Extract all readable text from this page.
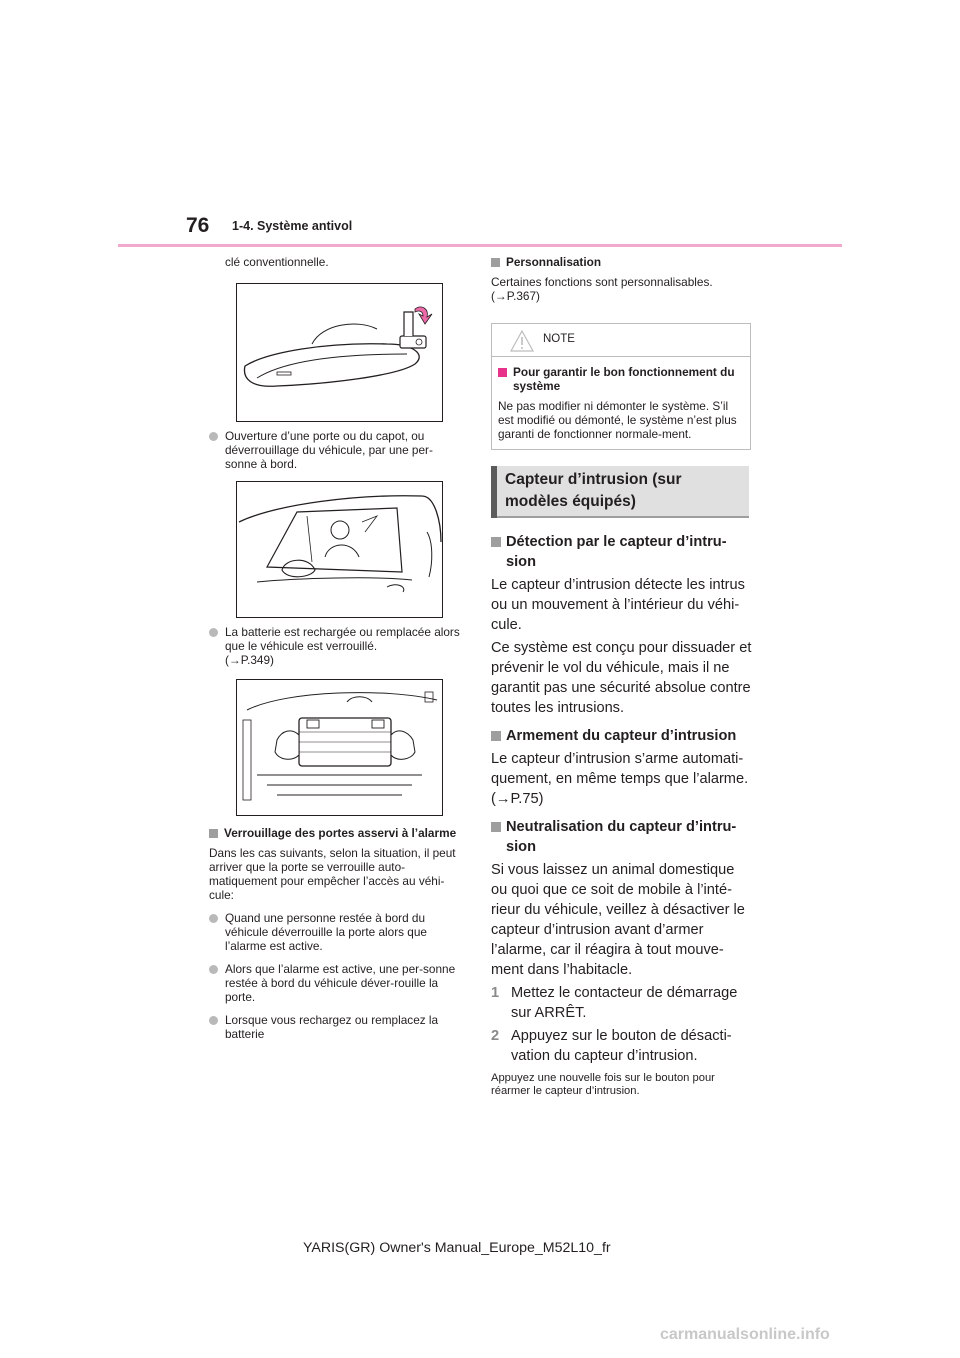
76 1-4. Système antivol

clé conventionnelle.

Ouverture d’une porte ou du capot, ou déverrouillage du véhicule, par une per-sonne à bord.
La batterie est rechargée ou remplacée alors que le véhicule est verrouillé.
(→P.349)
Verrouillage des portes asservi à l’alarme

Dans les cas suivants, selon la situation, il peut arriver que la porte se verrouille auto-matiquement pour empêcher l’accès au véhi-cule:

Quand une personne restée à bord du véhicule déverrouille la porte alors que l’alarme est active.
Alors que l’alarme est active, une per-sonne restée à bord du véhicule déver-rouille la porte.
Lorsque vous rechargez ou remplacez la batterie
Personnalisation

Certaines fonctions sont personnalisables.
(→P.367)

NOTE
Pour garantir le bon fonctionnement du système

Ne pas modifier ni démonter le système. S’il est modifié ou démonté, le système n’est plus garanti de fonctionner normale-ment.

Capteur d’intrusion (sur modèles équipés)
Détection par le capteur d’intru-sion

Le capteur d’intrusion détecte les intrus ou un mouvement à l’intérieur du véhi-cule.

Ce système est conçu pour dissuader et prévenir le vol du véhicule, mais il ne garantit pas une sécurité absolue contre toutes les intrusions.

Armement du capteur d’intrusion

Le capteur d’intrusion s’arme automati-quement, en même temps que l’alarme.
(→P.75)

Neutralisation du capteur d’intru-sion

Si vous laissez un animal domestique ou quoi que ce soit de mobile à l’inté-rieur du véhicule, veillez à désactiver le capteur d’intrusion avant d’armer l’alarme, car il réagira à tout mouve-ment dans l’habitacle.

1 Mettez le contacteur de démarrage sur ARRÊT.
2 Appuyez sur le bouton de désacti-vation du capteur d’intrusion.

Appuyez une nouvelle fois sur le bouton pour réarmer le capteur d’intrusion.

YARIS(GR) Owner's Manual_Europe_M52L10_fr
carmanualsonline.info
